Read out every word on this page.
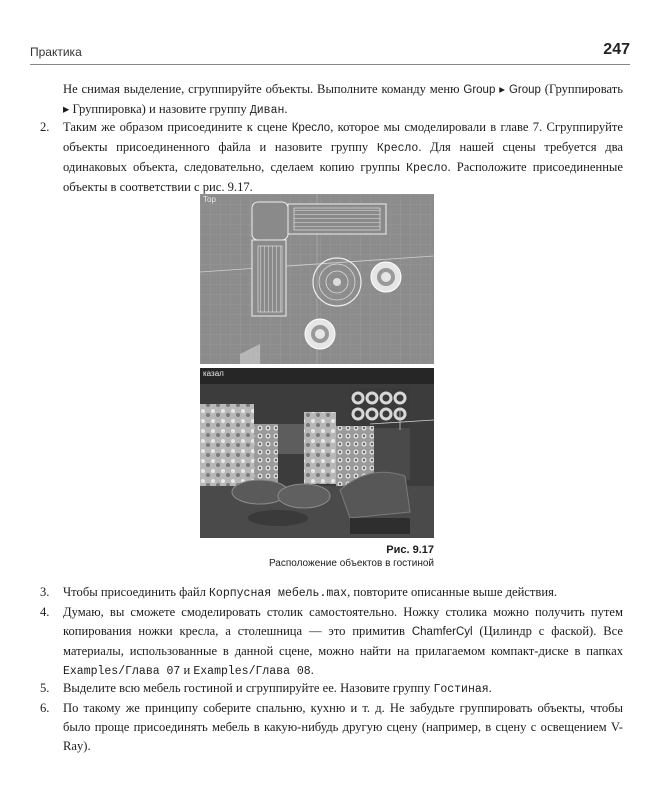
Практика	247
Не снимая выделение, сгруппируйте объекты. Выполните команду меню Group ▸ Group (Группировать ▸ Группировка) и назовите группу Диван.
2.	Таким же образом присоедините к сцене Кресло, которое мы смоделировали в главе 7. Сгруппируйте объекты присоединенного файла и назовите группу Кресло. Для нашей сцены требуется два одинаковых объекта, следовательно, сделаем копию группы Кресло. Расположите присоединенные объекты в соответствии с рис. 9.17.
Top
казал
Рис. 9.17
Расположение объектов в гостиной
3.	Чтобы присоединить файл Корпусная мебель.max, повторите описанные выше действия.
4.	Думаю, вы сможете смоделировать столик самостоятельно. Ножку столика можно получить путем копирования ножки кресла, а столешница — это примитив ChamferCyl (Цилиндр с фаской). Все материалы, использованные в данной сцене, можно найти на прилагаемом компакт-диске в папках Examples/Глава 07 и Examples/Глава 08.
5.	Выделите всю мебель гостиной и сгруппируйте ее. Назовите группу Гостиная.
6.	По такому же принципу соберите спальню, кухню и т. д. Не забудьте группировать объекты, чтобы было проще присоединять мебель в какую-нибудь другую сцену (например, в сцену с освещением V-Ray).
